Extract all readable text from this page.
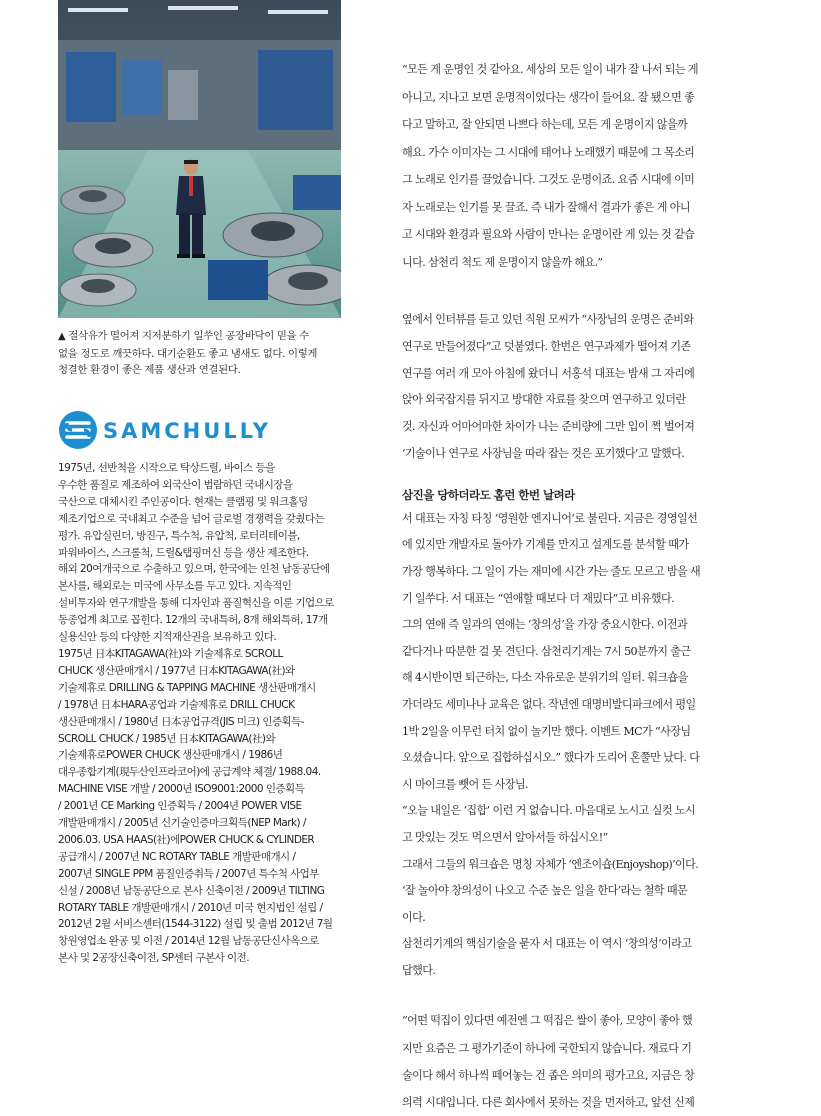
▲ 절삭유가 떨어져 지저분하기 일쑤인 공장바닥이 믿을 수
없을 정도로 깨끗하다. 대기순환도 좋고 냄새도 없다. 이렇게
청결한 환경이 좋은 제품 생산과 연결된다.

SAMCHULLY

1975년, 선반척을 시작으로 탁상드릴, 바이스 등을
우수한 품질로 제조하여 외국산이 범람하던 국내시장을
국산으로 대체시킨 주인공이다. 현재는 클램핑 및 워크홀딩
제조기업으로 국내최고 수준을 넘어 글로벌 경쟁력을 갖췄다는
평가. 유압실린더, 방진구, 특수척, 유압척, 로터리테이블,
파워바이스, 스크롤척, 드릴&탭핑머신 등을 생산 제조한다.
해외 20여개국으로 수출하고 있으며, 한국에는 인천 남동공단에
본사를, 해외로는 미국에 사무소를 두고 있다. 지속적인
설비투자와 연구개발을 통해 디자인과 품질혁신을 이룬 기업으로
동종업계 최고로 꼽힌다. 12개의 국내특허, 8개 해외특허, 17개
실용신안 등의 다양한 지적재산권을 보유하고 있다.
1975년 日本KITAGAWA(社)와 기술제휴로 SCROLL
CHUCK 생산판매개시 / 1977년 日本KITAGAWA(社)와
기술제휴로 DRILLING & TAPPING MACHINE 생산판매개시
/ 1978년 日本HARA공업과 기술제휴로 DRILL CHUCK
생산판매개시 / 1980년 日本공업규격(JIS 미크) 인증획득-
SCROLL CHUCK / 1985년 日本KITAGAWA(社)와
기술제휴로POWER CHUCK 생산판매개시 / 1986년
대우종합기계(現두산인프라코어)에 공급계약 체결/ 1988.04.
MACHINE VISE 개발 / 2000년 ISO9001:2000 인증획득
/ 2001년 CE Marking 인증획득 / 2004년 POWER VISE
개발판매개시 / 2005년 신기술인증마크획득(NEP Mark) /
2006.03. USA HAAS(社)에POWER CHUCK & CYLINDER
공급개시 / 2007년 NC ROTARY TABLE 개발판매개시 /
2007년 SINGLE PPM 품질인증취득 / 2007년 특수척 사업부
신설 / 2008년 남동공단으로 본사 신축이전 / 2009년 TILTING
ROTARY TABLE 개발판매개시 / 2010년 미국 현지법인 설립 /
2012년 2월 서비스센터(1544-3122) 설립 및 출범 2012년 7월
창원영업소 완공 및 이전 / 2014년 12월 남동공단신사옥으로
본사 및 2공장신축이전, SP센터 구본사 이전.

“모든 게 운명인 것 같아요. 세상의 모든 일이 내가 잘 나서 되는 게
아니고, 지나고 보면 운명적이었다는 생각이 들어요. 잘 됐으면 좋
다고 말하고, 잘 안되면 나쁘다 하는데, 모든 게 운명이지 않을까
해요. 가수 이미자는 그 시대에 태어나 노래했기 때문에 그 목소리
그 노래로 인기를 끌었습니다. 그것도 운명이죠. 요즘 시대에 이미
자 노래로는 인기를 못 끌죠. 즉 내가 잘해서 결과가 좋은 게 아니
고 시대와 환경과 필요와 사람이 만나는 운명이란 게 있는 것 같습
니다. 삼천리 척도 제 운명이지 않을까 해요.”

옆에서 인터뷰를 듣고 있던 직원 모씨가 “사장님의 운명은 준비와
연구로 만들어졌다”고 덧붙였다. 한번은 연구과제가 떨어져 기존
연구를 여러 개 모아 아침에 왔더니 서홍석 대표는 밤새 그 자리에
앉아 외국잡지를 뒤지고 방대한 자료를 찾으며 연구하고 있더란
것. 자신과 어마어마한 차이가 나는 준비량에 그만 입이 쩍 벌어져
‘기술이나 연구로 사장님을 따라 잡는 것은 포기했다’고 말했다.

삼진을 당하더라도 홈런 한번 날려라

서 대표는 자칭 타칭 ‘영원한 엔지니어’로 불린다. 지금은 경영일선
에 있지만 개발자로 돌아가 기계를 만지고 설계도를 분석할 때가
가장 행복하다. 그 일이 가는 재미에 시간 가는 줄도 모르고 밤을 새
기 일쑤다. 서 대표는 “연애할 때보다 더 재밌다”고 비유했다.
그의 연애 즉 일과의 연애는 ‘창의성’을 가장 중요시한다. 이전과
같다거나 따분한 걸 못 견딘다. 삼천리기계는 7시 50분까지 출근
해 4시반이면 퇴근하는, 다소 자유로운 분위기의 일터. 워크숍을
가더라도 세미나나 교육은 없다. 작년엔 대명비발디파크에서 평일
1박 2일을 이무런 터치 없이 놀기만 했다. 이벤트 MC가 “사장님
오셨습니다. 앞으로 집합하십시오.” 했다가 도리어 혼쭐만 났다. 다
시 마이크를 뺏어 든 사장님.
“오늘 내일은 ‘집합’ 이런 거 없습니다. 마음대로 노시고 실컷 노시
고 맛있는 것도 먹으면서 알아서들 하십시오!”
그래서 그들의 워크숍은 명칭 자체가 ‘엔조이숍(Enjoyshop)’이다.
‘잘 놀아야 창의성이 나오고 수준 높은 일을 한다’라는 철학 때문
이다.
삼천리기계의 핵심기술을 묻자 서 대표는 이 역시 ‘창의성’이라고
답했다.

“어떤 떡집이 있다면 예전엔 그 떡집은 쌀이 좋아, 모양이 좋아 했
지만 요즘은 그 평가기준이 하나에 국한되지 않습니다. 재료다 기
술이다 해서 하나씩 떼어놓는 건 좁은 의미의 평가고요, 지금은 창
의력 시대입니다. 다른 회사에서 못하는 것을 먼저하고, 앞선 신제
